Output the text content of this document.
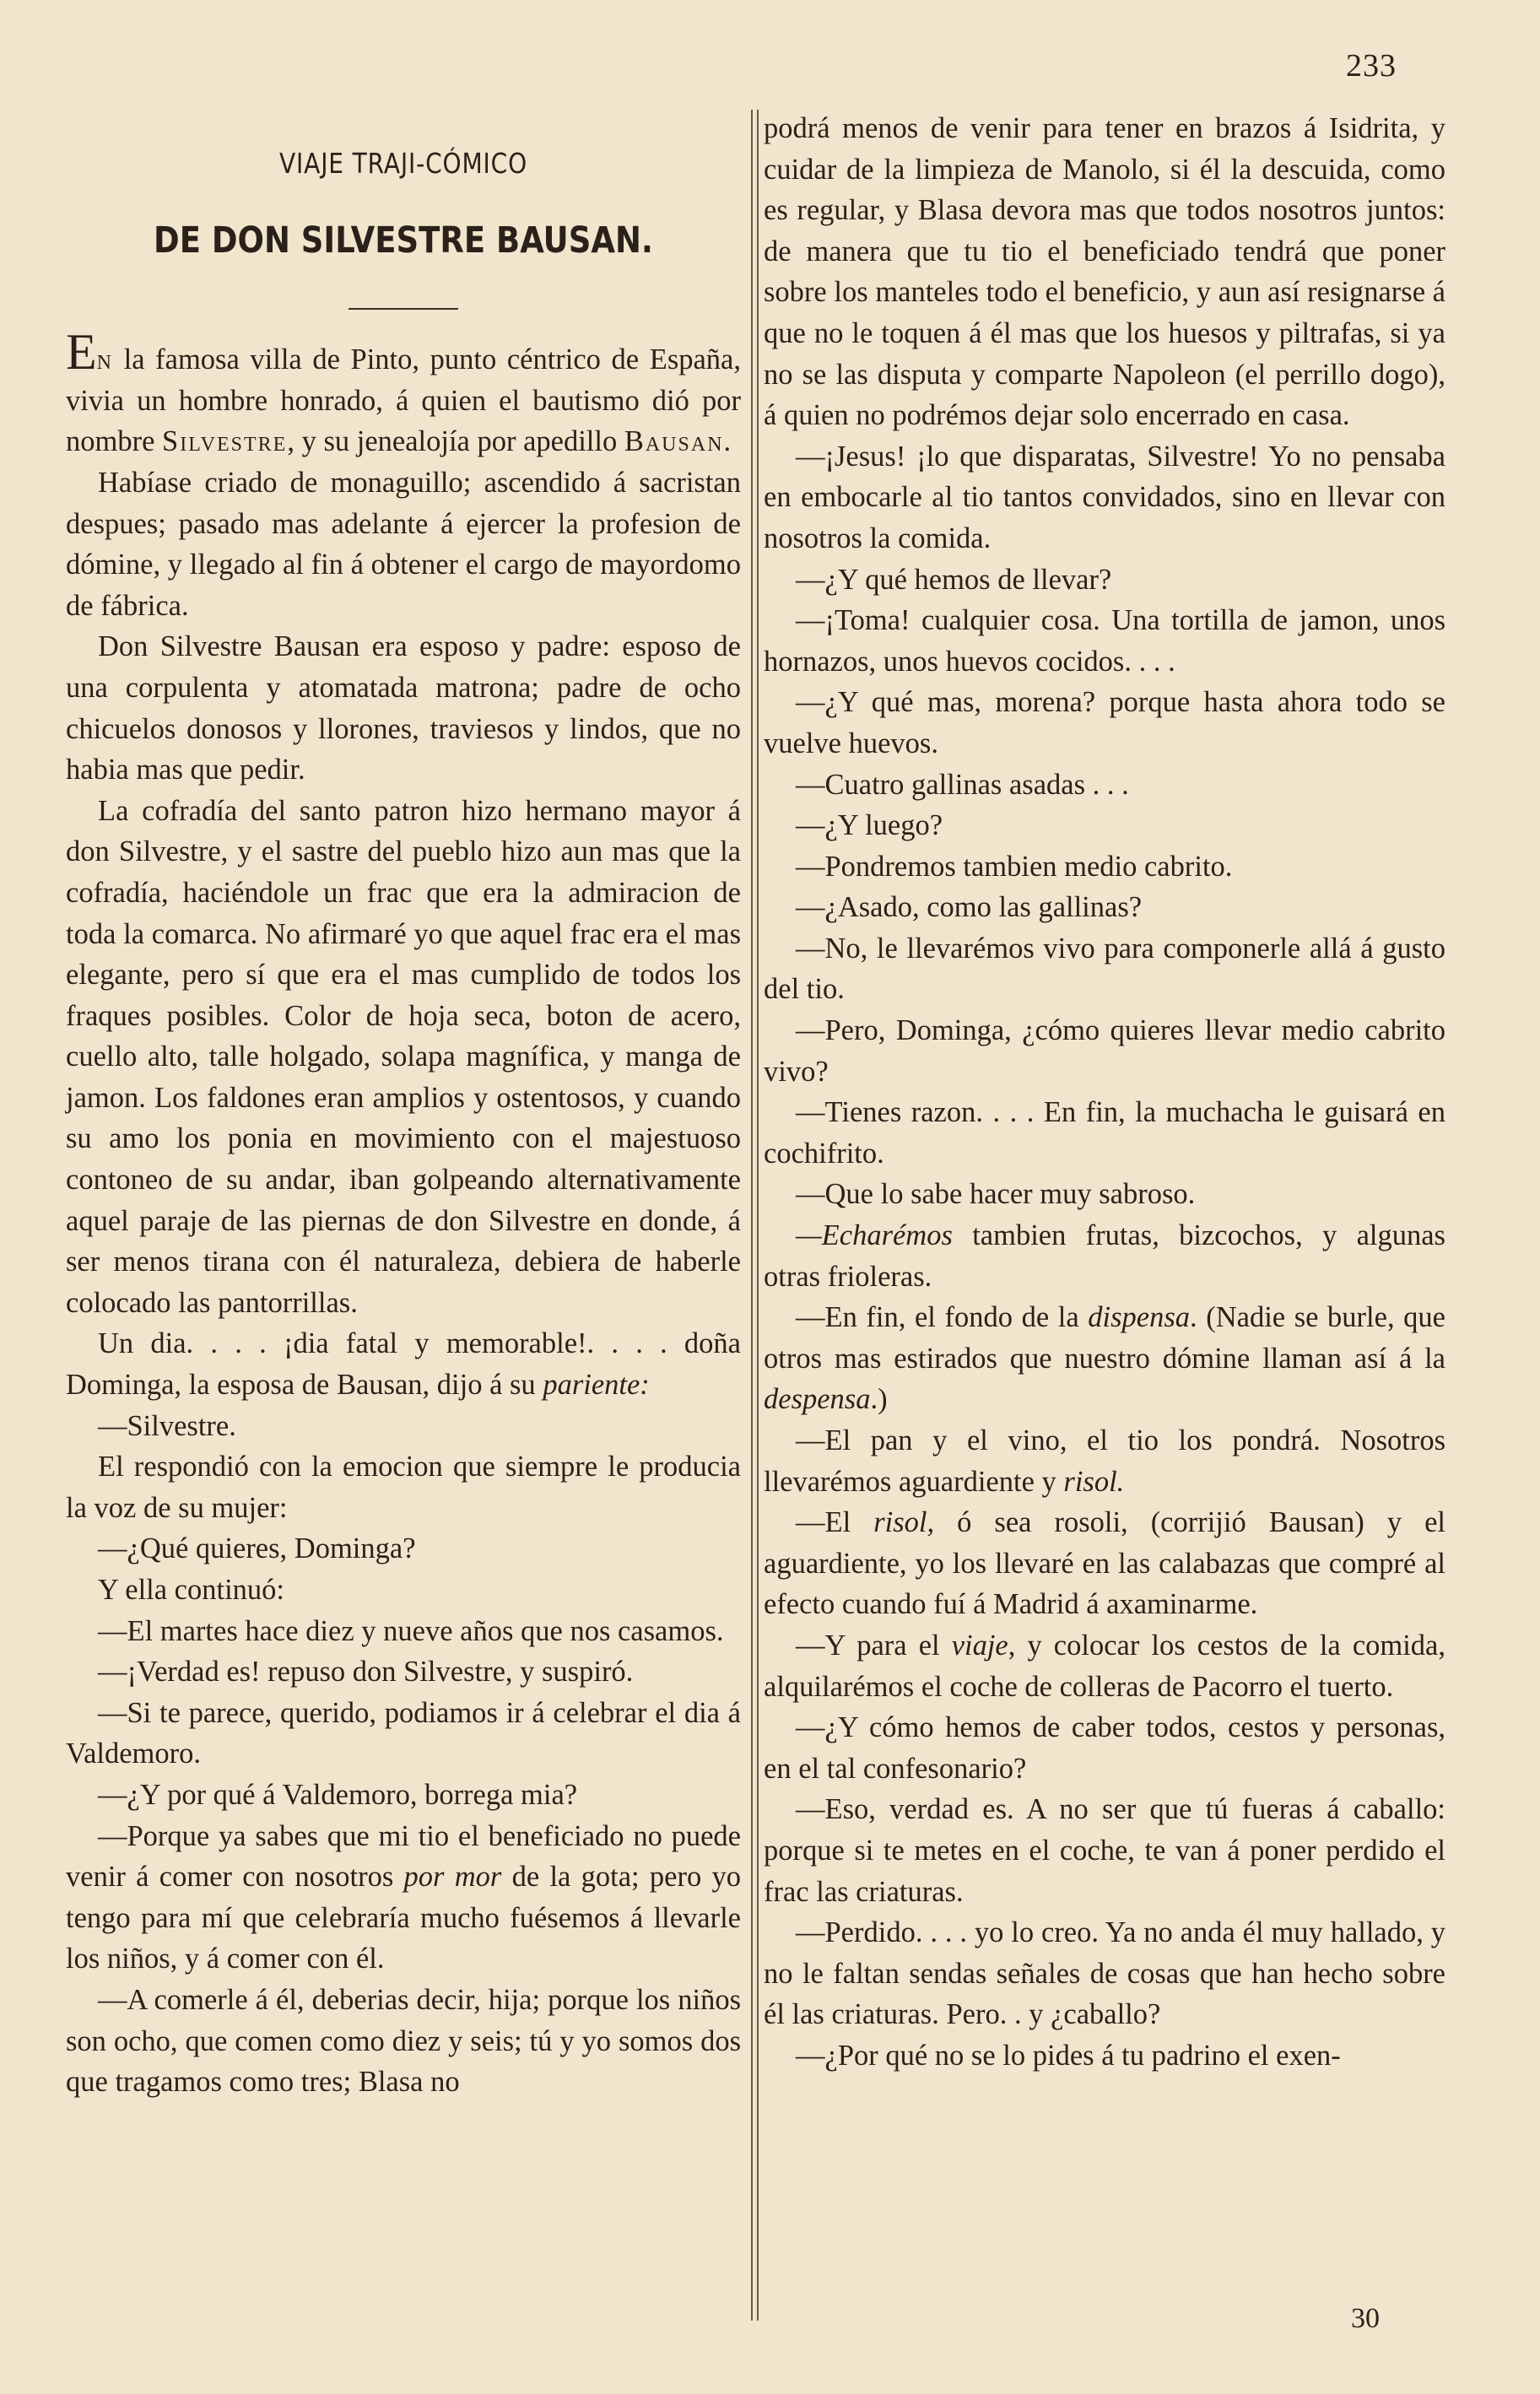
233
VIAJE TRAJI-CÓMICO
DE DON SILVESTRE BAUSAN.

En la famosa villa de Pinto, punto céntrico de España, vivia un hombre honrado, á quien el bautismo dió por nombre Silvestre, y su jenealojía por apedillo Bausan.

Habíase criado de monaguillo; ascendido á sacristan despues; pasado mas adelante á ejercer la profesion de dómine, y llegado al fin á obtener el cargo de mayordomo de fábrica.

Don Silvestre Bausan era esposo y padre: esposo de una corpulenta y atomatada matrona; padre de ocho chicuelos donosos y llorones, traviesos y lindos, que no habia mas que pedir.

La cofradía del santo patron hizo hermano mayor á don Silvestre, y el sastre del pueblo hizo aun mas que la cofradía, haciéndole un frac que era la admiracion de toda la comarca. No afirmaré yo que aquel frac era el mas elegante, pero sí que era el mas cumplido de todos los fraques posibles. Color de hoja seca, boton de acero, cuello alto, talle holgado, solapa magnífica, y manga de jamon. Los faldones eran amplios y ostentosos, y cuando su amo los ponia en movimiento con el majestuoso contoneo de su andar, iban golpeando alternativamente aquel paraje de las piernas de don Silvestre en donde, á ser menos tirana con él naturaleza, debiera de haberle colocado las pantorrillas.

Un dia. . . . ¡dia fatal y memorable!. . . . doña Dominga, la esposa de Bausan, dijo á su pariente:

—Silvestre.

El respondió con la emocion que siempre le producia la voz de su mujer:

—¿Qué quieres, Dominga?

Y ella continuó:

—El martes hace diez y nueve años que nos casamos.

—¡Verdad es! repuso don Silvestre, y suspiró.

—Si te parece, querido, podiamos ir á celebrar el dia á Valdemoro.

—¿Y por qué á Valdemoro, borrega mia?

—Porque ya sabes que mi tio el beneficiado no puede venir á comer con nosotros por mor de la gota; pero yo tengo para mí que celebraría mucho fuésemos á llevarle los niños, y á comer con él.

—A comerle á él, deberias decir, hija; porque los niños son ocho, que comen como diez y seis; tú y yo somos dos que tragamos como tres; Blasa no

podrá menos de venir para tener en brazos á Isidrita, y cuidar de la limpieza de Manolo, si él la descuida, como es regular, y Blasa devora mas que todos nosotros juntos: de manera que tu tio el beneficiado tendrá que poner sobre los manteles todo el beneficio, y aun así resignarse á que no le toquen á él mas que los huesos y piltrafas, si ya no se las disputa y comparte Napoleon (el perrillo dogo), á quien no podrémos dejar solo encerrado en casa.

—¡Jesus! ¡lo que disparatas, Silvestre! Yo no pensaba en embocarle al tio tantos convidados, sino en llevar con nosotros la comida.

—¿Y qué hemos de llevar?

—¡Toma! cualquier cosa. Una tortilla de jamon, unos hornazos, unos huevos cocidos. . . .

—¿Y qué mas, morena? porque hasta ahora todo se vuelve huevos.

—Cuatro gallinas asadas . . .

—¿Y luego?

—Pondremos tambien medio cabrito.

—¿Asado, como las gallinas?

—No, le llevarémos vivo para componerle allá á gusto del tio.

—Pero, Dominga, ¿cómo quieres llevar medio cabrito vivo?

—Tienes razon. . . . En fin, la muchacha le guisará en cochifrito.

—Que lo sabe hacer muy sabroso.

—Echarémos tambien frutas, bizcochos, y algunas otras frioleras.

—En fin, el fondo de la dispensa. (Nadie se burle, que otros mas estirados que nuestro dómine llaman así á la despensa.)

—El pan y el vino, el tio los pondrá. Nosotros llevarémos aguardiente y risol.

—El risol, ó sea rosoli, (corrijió Bausan) y el aguardiente, yo los llevaré en las calabazas que compré al efecto cuando fuí á Madrid á axaminarme.

—Y para el viaje, y colocar los cestos de la comida, alquilarémos el coche de colleras de Pacorro el tuerto.

—¿Y cómo hemos de caber todos, cestos y personas, en el tal confesonario?

—Eso, verdad es. A no ser que tú fueras á caballo: porque si te metes en el coche, te van á poner perdido el frac las criaturas.

—Perdido. . . . yo lo creo. Ya no anda él muy hallado, y no le faltan sendas señales de cosas que han hecho sobre él las criaturas. Pero. . y ¿caballo?

—¿Por qué no se lo pides á tu padrino el exen-

30
